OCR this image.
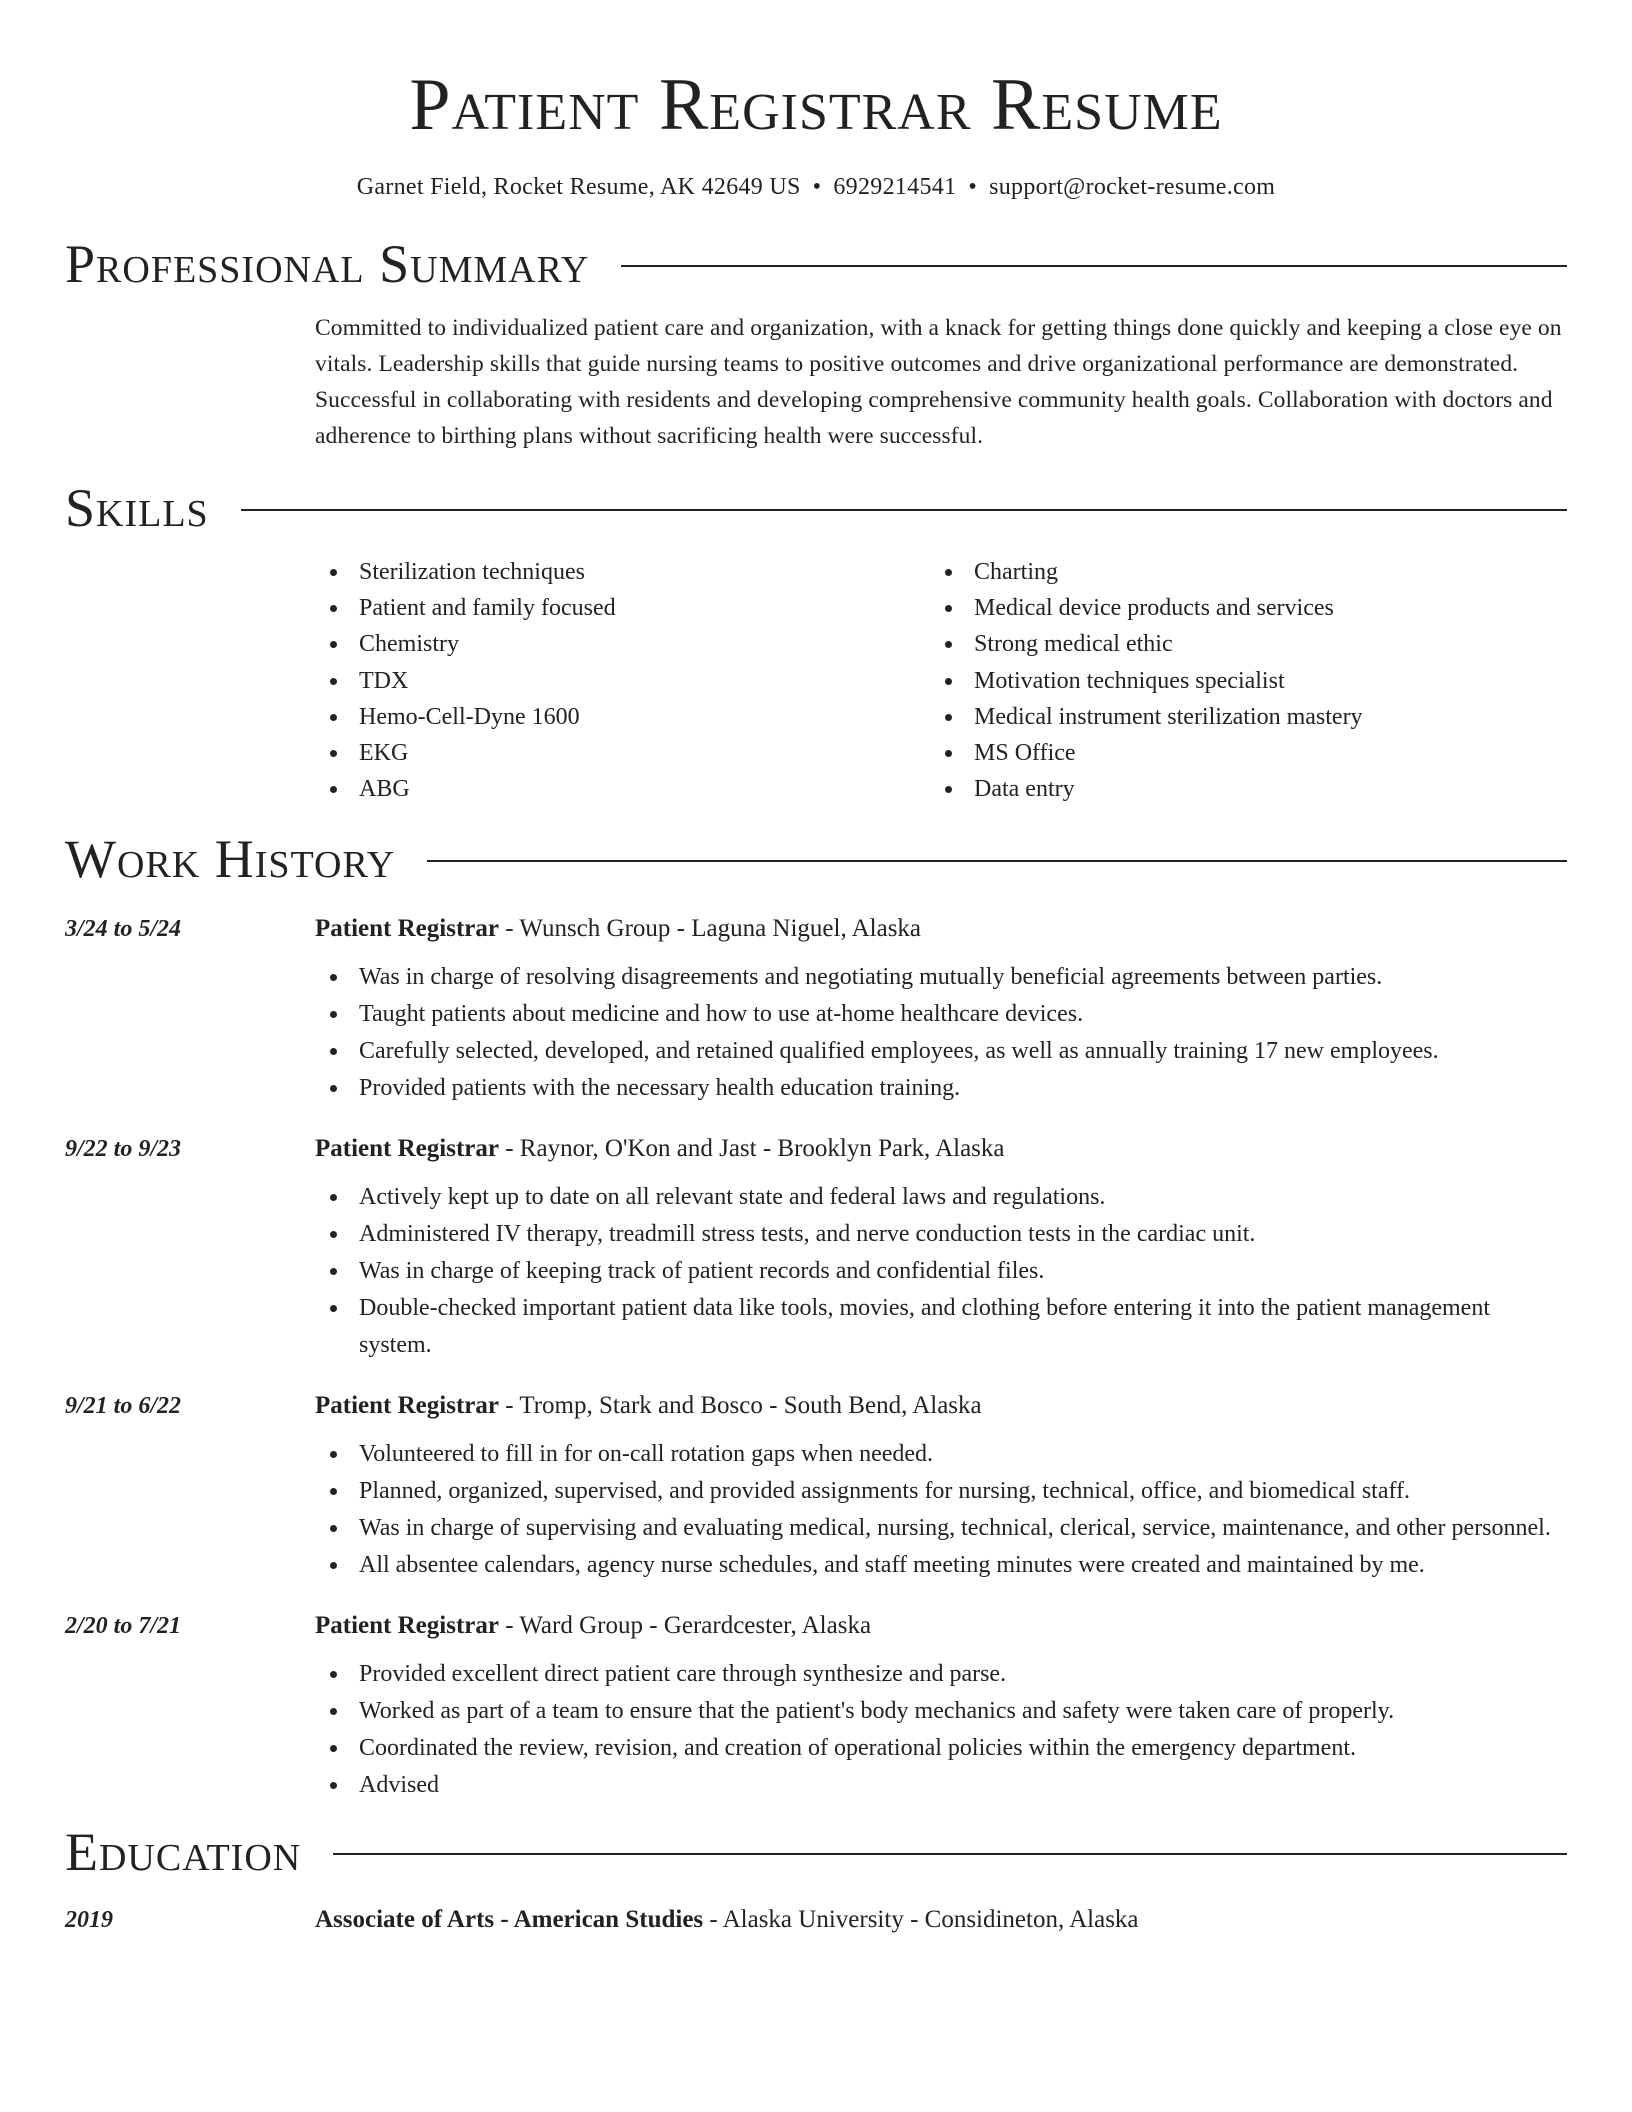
Patient Registrar Resume
Garnet Field, Rocket Resume, AK 42649 US • 6929214541 • support@rocket-resume.com
Professional Summary

Committed to individualized patient care and organization, with a knack for getting things done quickly and keeping a close eye on vitals. Leadership skills that guide nursing teams to positive outcomes and drive organizational performance are demonstrated. Successful in collaborating with residents and developing comprehensive community health goals. Collaboration with doctors and adherence to birthing plans without sacrificing health were successful.

Skills
Sterilization techniques
Patient and family focused
Chemistry
TDX
Hemo-Cell-Dyne 1600
EKG
ABG
Charting
Medical device products and services
Strong medical ethic
Motivation techniques specialist
Medical instrument sterilization mastery
MS Office
Data entry
Work History
3/24 to 5/24	Patient Registrar - Wunsch Group - Laguna Niguel, Alaska
Was in charge of resolving disagreements and negotiating mutually beneficial agreements between parties.
Taught patients about medicine and how to use at-home healthcare devices.
Carefully selected, developed, and retained qualified employees, as well as annually training 17 new employees.
Provided patients with the necessary health education training.
9/22 to 9/23	Patient Registrar - Raynor, O'Kon and Jast - Brooklyn Park, Alaska
Actively kept up to date on all relevant state and federal laws and regulations.
Administered IV therapy, treadmill stress tests, and nerve conduction tests in the cardiac unit.
Was in charge of keeping track of patient records and confidential files.
Double-checked important patient data like tools, movies, and clothing before entering it into the patient management system.
9/21 to 6/22	Patient Registrar - Tromp, Stark and Bosco - South Bend, Alaska
Volunteered to fill in for on-call rotation gaps when needed.
Planned, organized, supervised, and provided assignments for nursing, technical, office, and biomedical staff.
Was in charge of supervising and evaluating medical, nursing, technical, clerical, service, maintenance, and other personnel.
All absentee calendars, agency nurse schedules, and staff meeting minutes were created and maintained by me.
2/20 to 7/21	Patient Registrar - Ward Group - Gerardcester, Alaska
Provided excellent direct patient care through synthesize and parse.
Worked as part of a team to ensure that the patient's body mechanics and safety were taken care of properly.
Coordinated the review, revision, and creation of operational policies within the emergency department.
Advised
Education
2019	Associate of Arts - American Studies - Alaska University - Considineton, Alaska
